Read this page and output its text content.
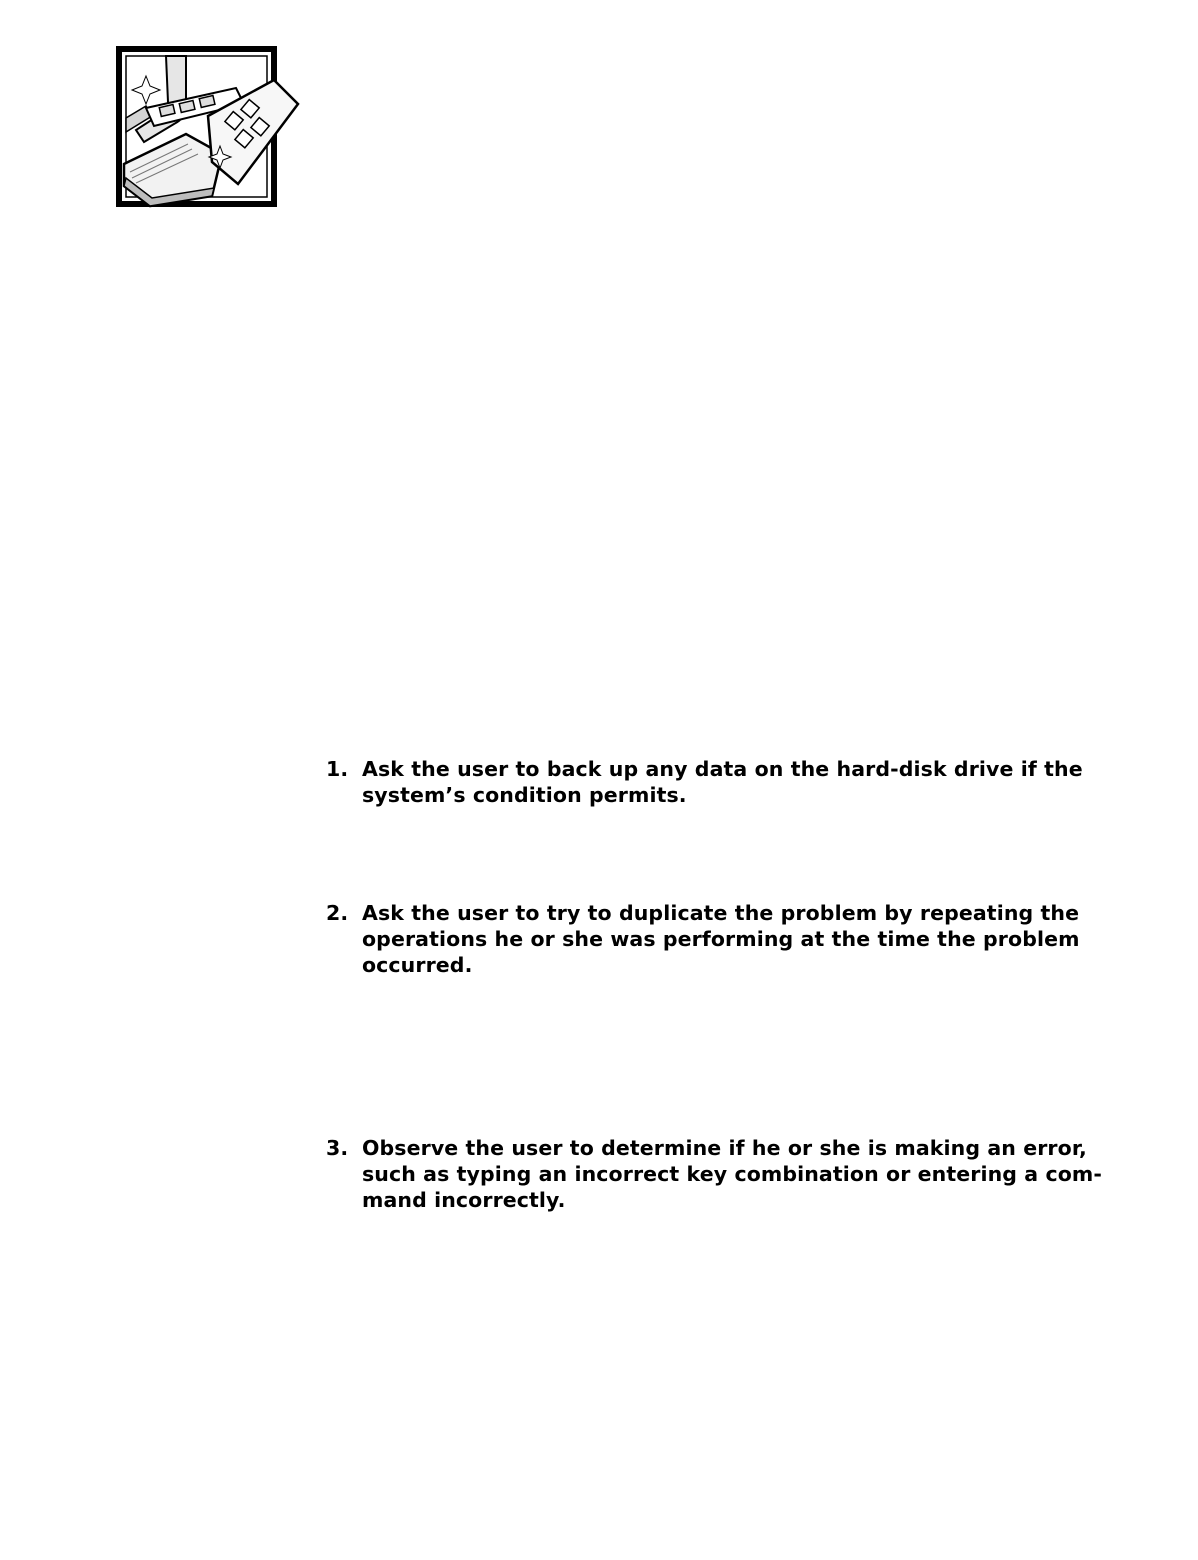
1. Ask the user to back up any data on the hard-disk drive if the
system’s condition permits.
2. Ask the user to try to duplicate the problem by repeating the
operations he or she was performing at the time the problem
occurred.
3. Observe the user to determine if he or she is making an error,
such as typing an incorrect key combination or entering a com-
mand incorrectly.
